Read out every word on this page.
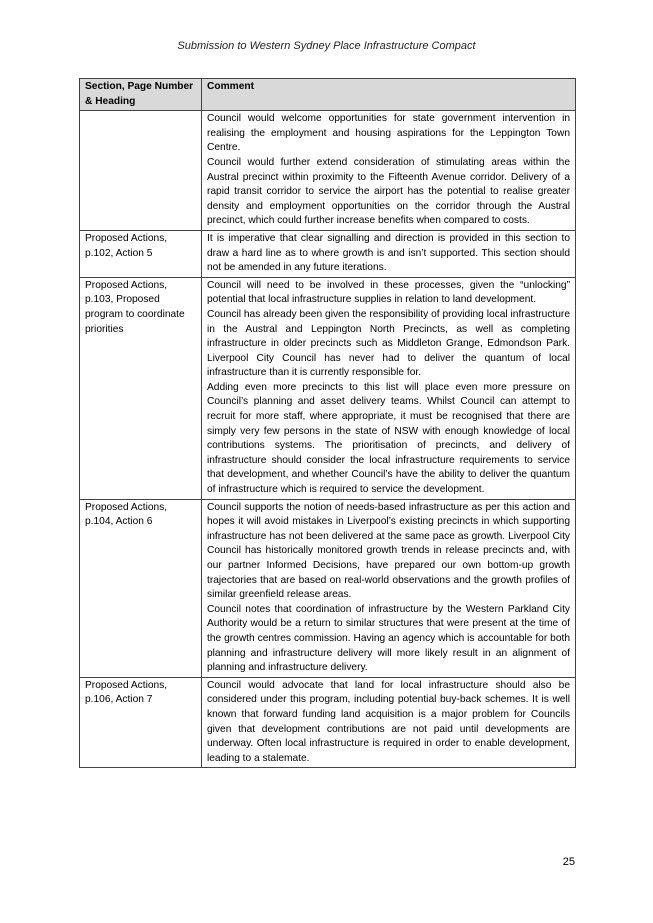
Submission to Western Sydney Place Infrastructure Compact
Section, Page Number & Heading	Comment

	Council would welcome opportunities for state government intervention in realising the employment and housing aspirations for the Leppington Town Centre.

Council would further extend consideration of stimulating areas within the Austral precinct within proximity to the Fifteenth Avenue corridor. Delivery of a rapid transit corridor to service the airport has the potential to realise greater density and employment opportunities on the corridor through the Austral precinct, which could further increase benefits when compared to costs.

Proposed Actions, p.102, Action 5	It is imperative that clear signalling and direction is provided in this section to draw a hard line as to where growth is and isn’t supported. This section should not be amended in any future iterations.

Proposed Actions, p.103, Proposed program to coordinate priorities	Council will need to be involved in these processes, given the “unlocking” potential that local infrastructure supplies in relation to land development.

Council has already been given the responsibility of providing local infrastructure in the Austral and Leppington North Precincts, as well as completing infrastructure in older precincts such as Middleton Grange, Edmondson Park. Liverpool City Council has never had to deliver the quantum of local infrastructure than it is currently responsible for.

Adding even more precincts to this list will place even more pressure on Council’s planning and asset delivery teams. Whilst Council can attempt to recruit for more staff, where appropriate, it must be recognised that there are simply very few persons in the state of NSW with enough knowledge of local contributions systems. The prioritisation of precincts, and delivery of infrastructure should consider the local infrastructure requirements to service that development, and whether Council’s have the ability to deliver the quantum of infrastructure which is required to service the development.

Proposed Actions, p.104, Action 6	Council supports the notion of needs-based infrastructure as per this action and hopes it will avoid mistakes in Liverpool’s existing precincts in which supporting infrastructure has not been delivered at the same pace as growth. Liverpool City Council has historically monitored growth trends in release precincts and, with our partner Informed Decisions, have prepared our own bottom-up growth trajectories that are based on real-world observations and the growth profiles of similar greenfield release areas.

Council notes that coordination of infrastructure by the Western Parkland City Authority would be a return to similar structures that were present at the time of the growth centres commission. Having an agency which is accountable for both planning and infrastructure delivery will more likely result in an alignment of planning and infrastructure delivery.

Proposed Actions, p.106, Action 7	Council would advocate that land for local infrastructure should also be considered under this program, including potential buy-back schemes. It is well known that forward funding land acquisition is a major problem for Councils given that development contributions are not paid until developments are underway. Often local infrastructure is required in order to enable development, leading to a stalemate.

25
